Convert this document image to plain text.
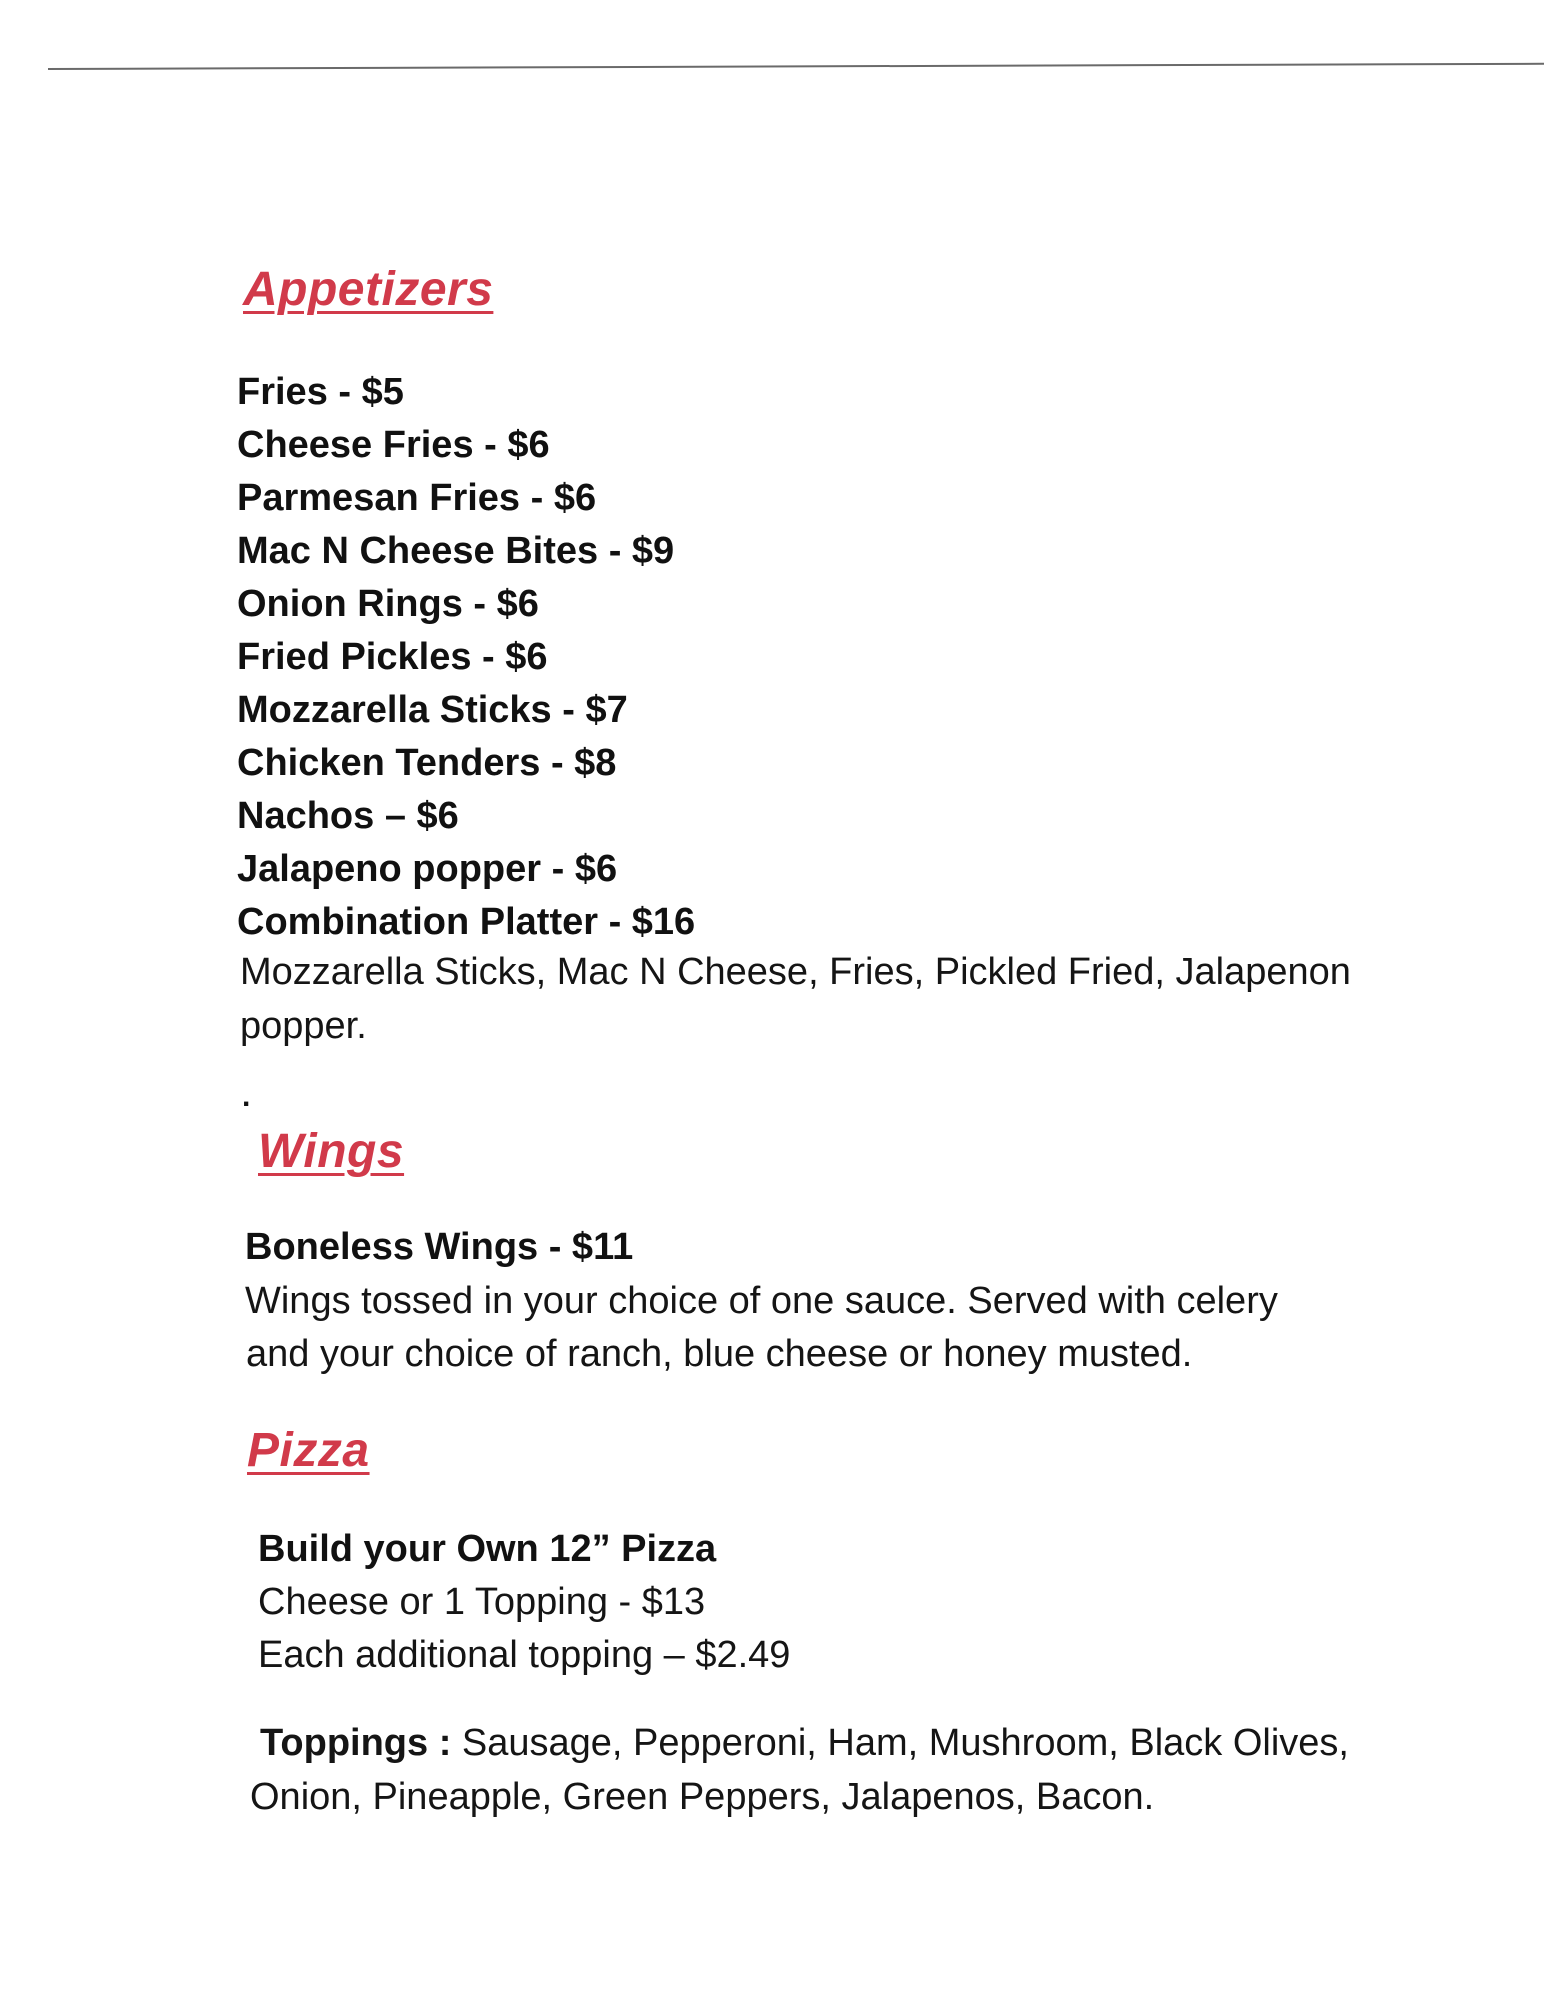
Appetizers
Fries - $5
Cheese Fries - $6
Parmesan Fries - $6
Mac N Cheese Bites - $9
Onion Rings - $6
Fried Pickles - $6
Mozzarella Sticks - $7
Chicken Tenders - $8
Nachos – $6
Jalapeno popper - $6
Combination Platter - $16
Mozzarella Sticks, Mac N Cheese, Fries, Pickled Fried, Jalapenon popper.
.
Wings
Boneless Wings - $11
Wings tossed in your choice of one sauce. Served with celery
and your choice of ranch, blue cheese or honey musted.
Pizza
Build your Own 12” Pizza
Cheese or 1 Topping - $13
Each additional topping – $2.49
Toppings : Sausage, Pepperoni, Ham, Mushroom, Black Olives,
Onion, Pineapple, Green Peppers, Jalapenos, Bacon.
